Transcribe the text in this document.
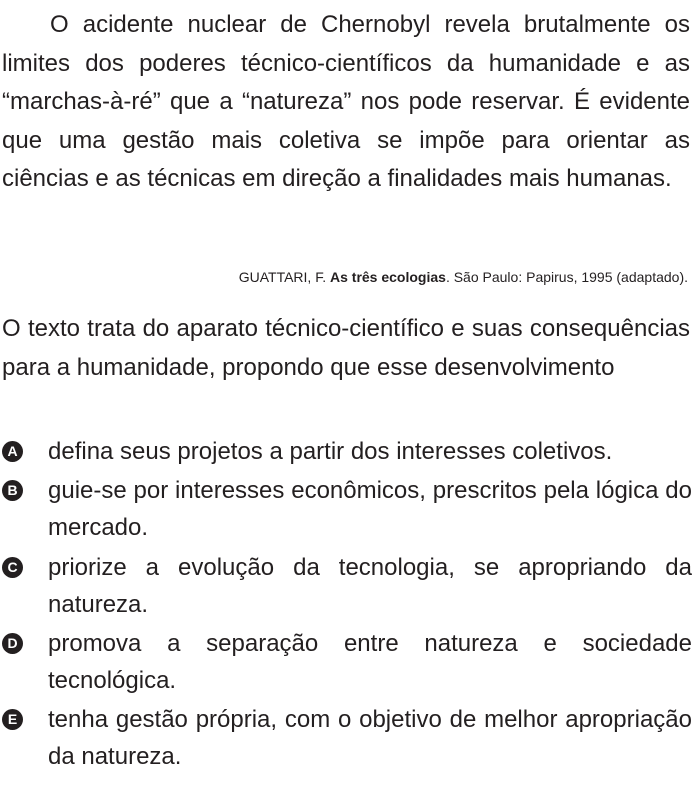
O acidente nuclear de Chernobyl revela brutalmente os limites dos poderes técnico-científicos da humanidade e as “marchas-à-ré” que a “natureza” nos pode reservar. É evidente que uma gestão mais coletiva se impõe para orientar as ciências e as técnicas em direção a finalidades mais humanas.

GUATTARI, F. As três ecologias. São Paulo: Papirus, 1995 (adaptado).

O texto trata do aparato técnico-científico e suas consequências para a humanidade, propondo que esse desenvolvimento

A defina seus projetos a partir dos interesses coletivos.
B guie-se por interesses econômicos, prescritos pela lógica do mercado.
C priorize a evolução da tecnologia, se apropriando da natureza.
D promova a separação entre natureza e sociedade tecnológica.
E tenha gestão própria, com o objetivo de melhor apropriação da natureza.
